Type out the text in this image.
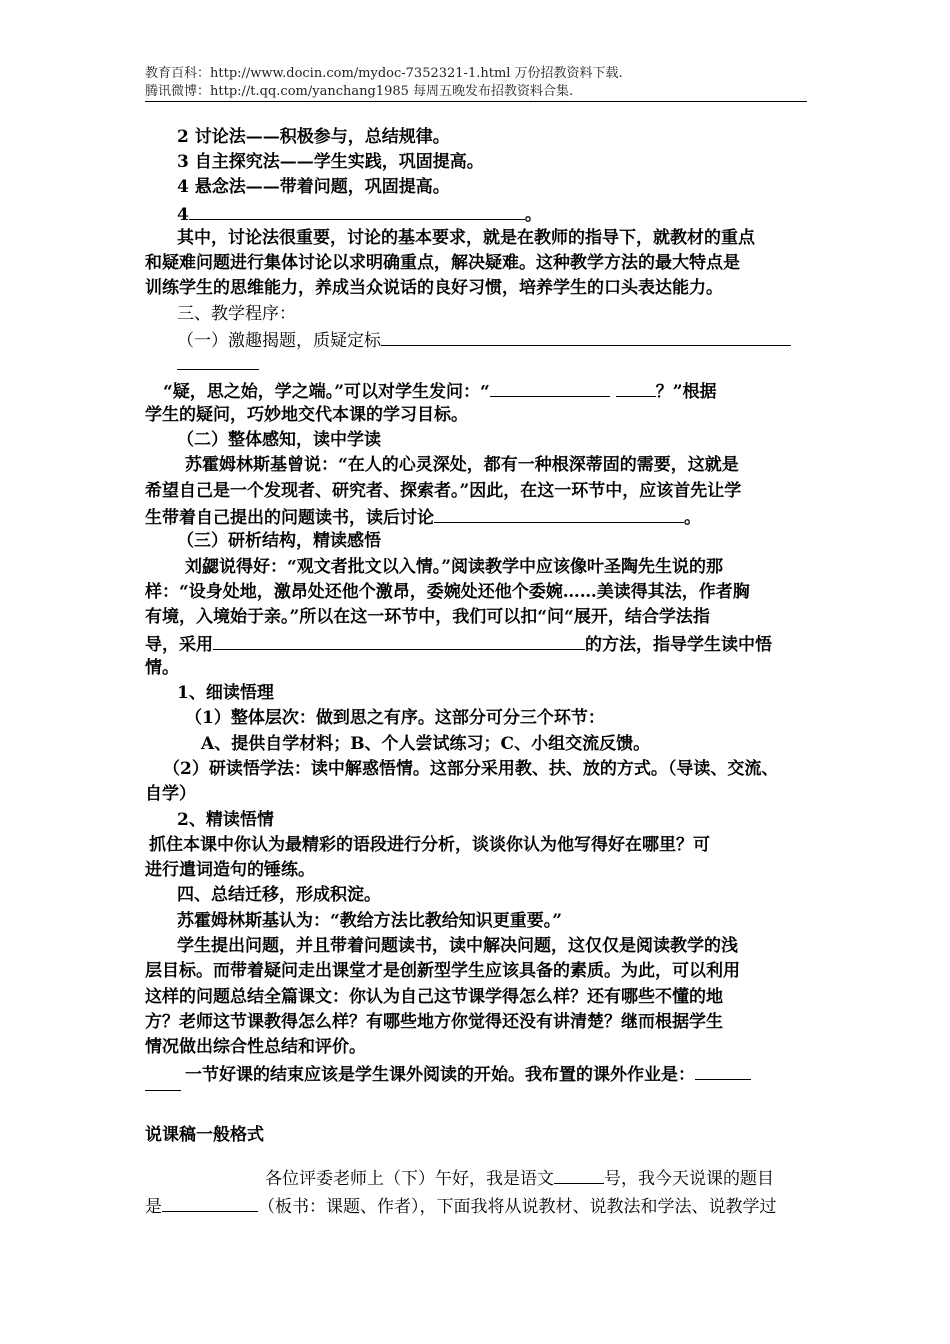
教育百科：http://www.docin.com/mydoc-7352321-1.html 万份招教资料下载.
腾讯微博：http://t.qq.com/yanchang1985 每周五晚发布招教资料合集.
2 讨论法——积极参与，总结规律。
3 自主探究法——学生实践，巩固提高。
4 悬念法——带着问题，巩固提高。
4	。
其中，讨论法很重要，讨论的基本要求，就是在教师的指导下，就教材的重点
和疑难问题进行集体讨论以求明确重点，解决疑难。这种教学方法的最大特点是
训练学生的思维能力，养成当众说话的良好习惯，培养学生的口头表达能力。
三、教学程序：
（一）激趣揭题，质疑定标
“疑，思之始，学之端。”可以对学生发问：“	？”根据
学生的疑问，巧妙地交代本课的学习目标。
（二）整体感知，读中学读
苏霍姆林斯基曾说：“在人的心灵深处，都有一种根深蒂固的需要，这就是
希望自己是一个发现者、研究者、探索者。”因此，在这一环节中，应该首先让学
生带着自己提出的问题读书，读后讨论	。
（三）研析结构，精读感悟
刘勰说得好：“观文者批文以入情。”阅读教学中应该像叶圣陶先生说的那
样：“设身处地，激昂处还他个激昂，委婉处还他个委婉……美读得其法，作者胸
有境，入境始于亲。”所以在这一环节中，我们可以扣“问“展开，结合学法指
导，采用	的方法，指导学生读中悟
情。
1、细读悟理
（1）整体层次：做到思之有序。这部分可分三个环节：
A、提供自学材料；B、个人尝试练习；C、小组交流反馈。
（2）研读悟学法：读中解惑悟情。这部分采用教、扶、放的方式。（导读、交流、
自学）
2、精读悟情
抓住本课中你认为最精彩的语段进行分析，谈谈你认为他写得好在哪里？可
进行遣词造句的锤练。
四、总结迁移，形成积淀。
苏霍姆林斯基认为：“教给方法比教给知识更重要。”
学生提出问题，并且带着问题读书，读中解决问题，这仅仅是阅读教学的浅
层目标。而带着疑问走出课堂才是创新型学生应该具备的素质。为此，可以利用
这样的问题总结全篇课文：你认为自己这节课学得怎么样？还有哪些不懂的地
方？老师这节课教得怎么样？有哪些地方你觉得还没有讲清楚？继而根据学生
情况做出综合性总结和评价。
一节好课的结束应该是学生课外阅读的开始。我布置的课外作业是：
说课稿一般格式
各位评委老师上（下）午好，我是语文	号，我今天说课的题目
是	（板书：课题、作者），下面我将从说教材、说教法和学法、说教学过
